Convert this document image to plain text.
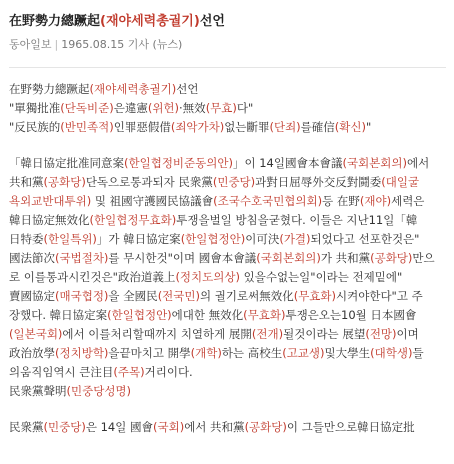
在野勢力總蹶起(재야세력총궐기)선언
동아일보 | 1965.08.15 기사 (뉴스)

在野勢力總蹶起(재야세력총궐기)선언

"單獨批准(단독비준)은違憲(위헌)·無效(무효)다"

"反民族的(반민족적)인罪惡假借(죄악가차)없는斷罪(단죄)를確信(확신)"

「韓日協定批准同意案(한일협정비준동의안)」이 14일國會本會議(국회본회의)에서

共和黨(공화당)단독으로통과되자 民衆黨(민중당)과對日屈辱外交反對鬪委(대일굴

욕외교반대투위) 및 祖國守護國民協議會(조국수호국민협의회)등 在野(재야)세력은

韓日協定無效化(한일협정무효화)투쟁을벌일 방침을굳혔다. 이들은 지난11일「韓

日特委(한일특위)」가 韓日協定案(한일협정안)이可決(가결)되었다고 선포한것은"

國法節次(국법절차)를 무시한것"이며 國會本會議(국회본회의)가 共和黨(공화당)만으

로 이를통과시킨것은"政治道義上(정치도의상) 있을수없는일"이라는 전제밑에"

賣國協定(매국협정)을 全國民(전국민)의 궐기로써無效化(무효화)시켜야한다"고 주

장했다. 韓日協定案(한일협정안)에대한 無效化(무효화)투쟁은오는10월 日本國會

(일본국회)에서 이를처리할때까지 치열하게 展開(전개)될것이라는 展望(전망)이며

政治放學(정치방학)을끝마치고 開學(개학)하는 高校生(고교생)및大學生(대학생)들

의움직임역시 큰注目(주목)거리이다.

民衆黨聲明(민중당성명)

民衆黨(민중당)은 14일 國會(국회)에서 共和黨(공화당)이 그들만으로韓日協定批
